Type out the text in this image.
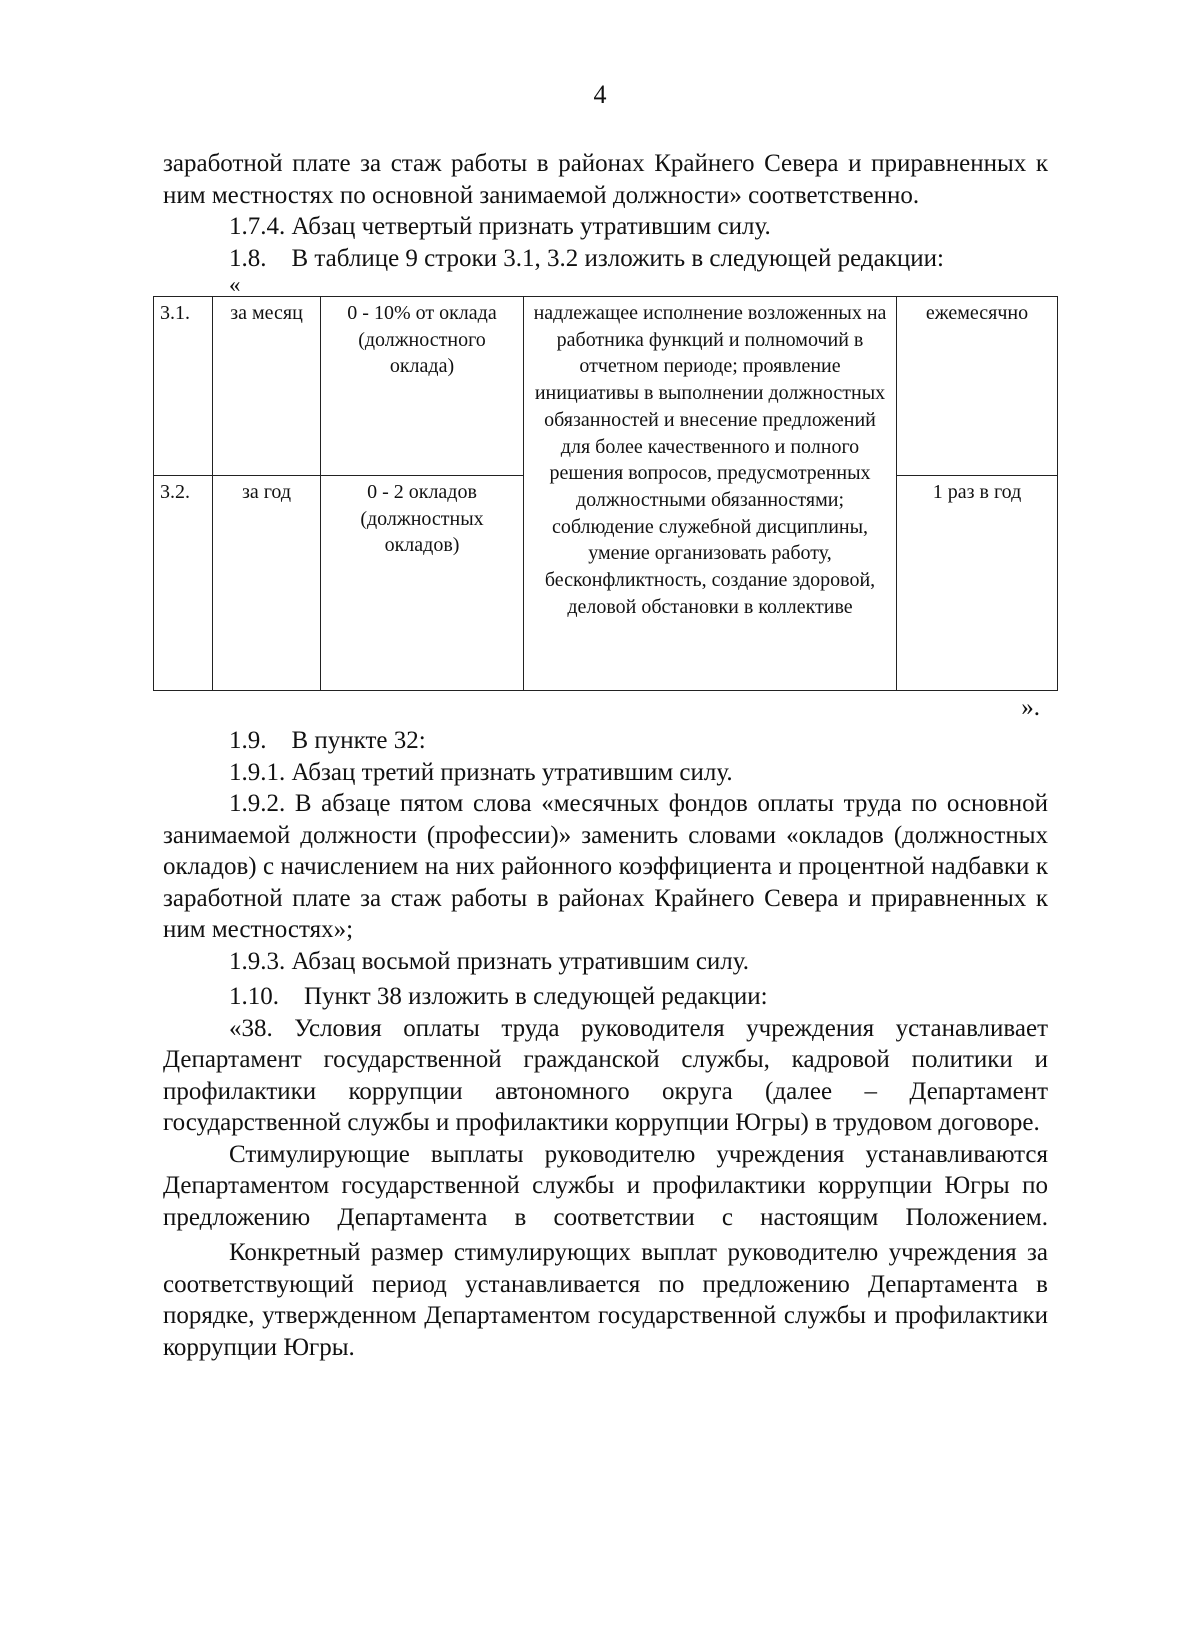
4

заработной плате за стаж работы в районах Крайнего Севера и приравненных к ним местностях по основной занимаемой должности» соответственно.

1.7.4. Абзац четвертый признать утратившим силу.

1.8. В таблице 9 строки 3.1, 3.2 изложить в следующей редакции:

«

3.1.	за месяц	0 - 10% от оклада (должностного оклада)	надлежащее исполнение возложенных на работника функций и полномочий в отчетном периоде; проявление инициативы в выполнении должностных обязанностей и внесение предложений для более качественного и полного решения вопросов, предусмотренных должностными обязанностями; соблюдение служебной дисциплины, умение организовать работу, бесконфликтность, создание здоровой, деловой обстановки в коллективе	ежемесячно
3.2.	за год	0 - 2 окладов (должностных окладов)		1 раз в год

».

1.9. В пункте 32:

1.9.1. Абзац третий признать утратившим силу.

1.9.2. В абзаце пятом слова «месячных фондов оплаты труда по основной занимаемой должности (профессии)» заменить словами «окладов (должностных окладов) с начислением на них районного коэффициента и процентной надбавки к заработной плате за стаж работы в районах Крайнего Севера и приравненных к ним местностях»;

1.9.3. Абзац восьмой признать утратившим силу.

1.10. Пункт 38 изложить в следующей редакции:

«38. Условия оплаты труда руководителя учреждения устанавливает Департамент государственной гражданской службы, кадровой политики и профилактики коррупции автономного округа (далее – Департамент государственной службы и профилактики коррупции Югры) в трудовом договоре.

Стимулирующие выплаты руководителю учреждения устанавливаются Департаментом государственной службы и профилактики коррупции Югры по предложению Департамента в соответствии с настоящим Положением.

Конкретный размер стимулирующих выплат руководителю учреждения за соответствующий период устанавливается по предложению Департамента в порядке, утвержденном Департаментом государственной службы и профилактики коррупции Югры.
